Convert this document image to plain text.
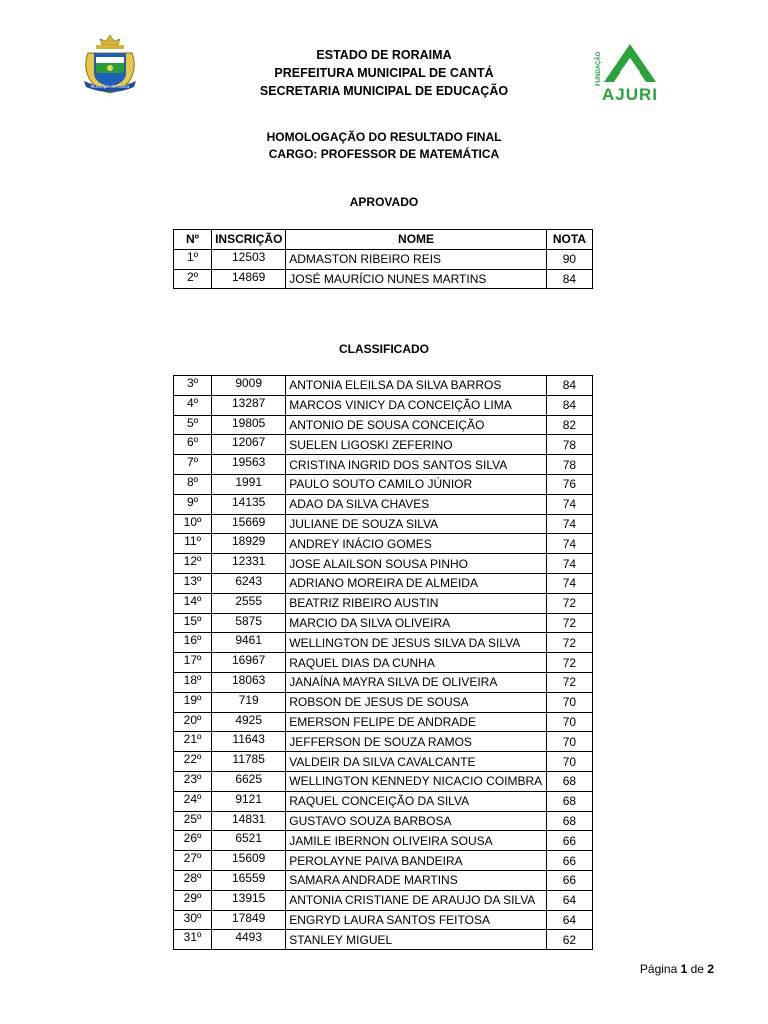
Município de Cantá
ESTADO DE RORAIMA
PREFEITURA MUNICIPAL DE CANTÁ
SECRETARIA MUNICIPAL DE EDUCAÇÃO
FUNDAÇÃO
AJURI
HOMOLOGAÇÃO DO RESULTADO FINAL
CARGO: PROFESSOR DE MATEMÁTICA
APROVADO
Nº	INSCRIÇÃO	NOME	NOTA
1º	12503	ADMASTON RIBEIRO REIS	90
2º	14869	JOSÉ MAURÍCIO NUNES MARTINS	84
CLASSIFICADO
3º	9009	ANTONIA ELEILSA DA SILVA BARROS	84
4º	13287	MARCOS VINICY DA CONCEIÇÃO LIMA	84
5º	19805	ANTONIO DE SOUSA CONCEIÇÃO	82
6º	12067	SUELEN LIGOSKI ZEFERINO	78
7º	19563	CRISTINA INGRID DOS SANTOS SILVA	78
8º	1991	PAULO SOUTO CAMILO JÚNIOR	76
9º	14135	ADAO DA SILVA CHAVES	74
10º	15669	JULIANE DE SOUZA SILVA	74
11º	18929	ANDREY INÁCIO GOMES	74
12º	12331	JOSE ALAILSON SOUSA PINHO	74
13º	6243	ADRIANO MOREIRA DE ALMEIDA	74
14º	2555	BEATRIZ RIBEIRO AUSTIN	72
15º	5875	MARCIO DA SILVA OLIVEIRA	72
16º	9461	WELLINGTON DE JESUS SILVA DA SILVA	72
17º	16967	RAQUEL DIAS DA CUNHA	72
18º	18063	JANAÍNA MAYRA SILVA DE OLIVEIRA	72
19º	719	ROBSON DE JESUS DE SOUSA	70
20º	4925	EMERSON FELIPE DE ANDRADE	70
21º	11643	JEFFERSON DE SOUZA RAMOS	70
22º	11785	VALDEIR DA SILVA CAVALCANTE	70
23º	6625	WELLINGTON KENNEDY NICACIO COIMBRA	68
24º	9121	RAQUEL CONCEIÇÃO DA SILVA	68
25º	14831	GUSTAVO SOUZA BARBOSA	68
26º	6521	JAMILE IBERNON OLIVEIRA SOUSA	66
27º	15609	PEROLAYNE PAIVA BANDEIRA	66
28º	16559	SAMARA ANDRADE MARTINS	66
29º	13915	ANTONIA CRISTIANE DE ARAUJO DA SILVA	64
30º	17849	ENGRYD LAURA SANTOS FEITOSA	64
31º	4493	STANLEY MIGUEL	62
Página 1 de 2
